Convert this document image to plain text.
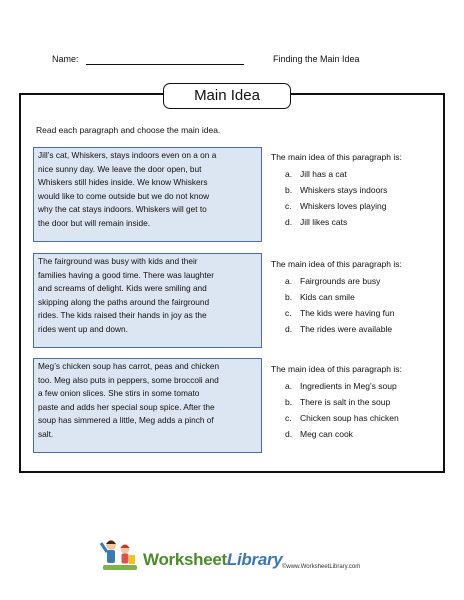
Name:	Finding the Main Idea
Main Idea
Read each paragraph and choose the main idea.
Jill’s cat, Whiskers, stays indoors even on a on a
nice sunny day. We leave the door open, but
Whiskers still hides inside. We know Whiskers
would like to come outside but we do not know
why the cat stays indoors. Whiskers will get to
the door but will remain inside.
The main idea of this paragraph is:
a. Jill has a cat
b. Whiskers stays indoors
c. Whiskers loves playing
d. Jill likes cats
The fairground was busy with kids and their
families having a good time. There was laughter
and screams of delight. Kids were smiling and
skipping along the paths around the fairground
rides. The kids raised their hands in joy as the
rides went up and down.
The main idea of this paragraph is:
a. Fairgrounds are busy
b. Kids can smile
c. The kids were having fun
d. The rides were available
Meg’s chicken soup has carrot, peas and chicken
too. Meg also puts in peppers, some broccoli and
a few onion slices. She stirs in some tomato
paste and adds her special soup spice. After the
soup has simmered a little, Meg adds a pinch of
salt.
The main idea of this paragraph is:
a. Ingredients in Meg’s soup
b. There is salt in the soup
c. Chicken soup has chicken
d. Meg can cook
WorksheetLibrary ©www.WorksheetLibrary.com
